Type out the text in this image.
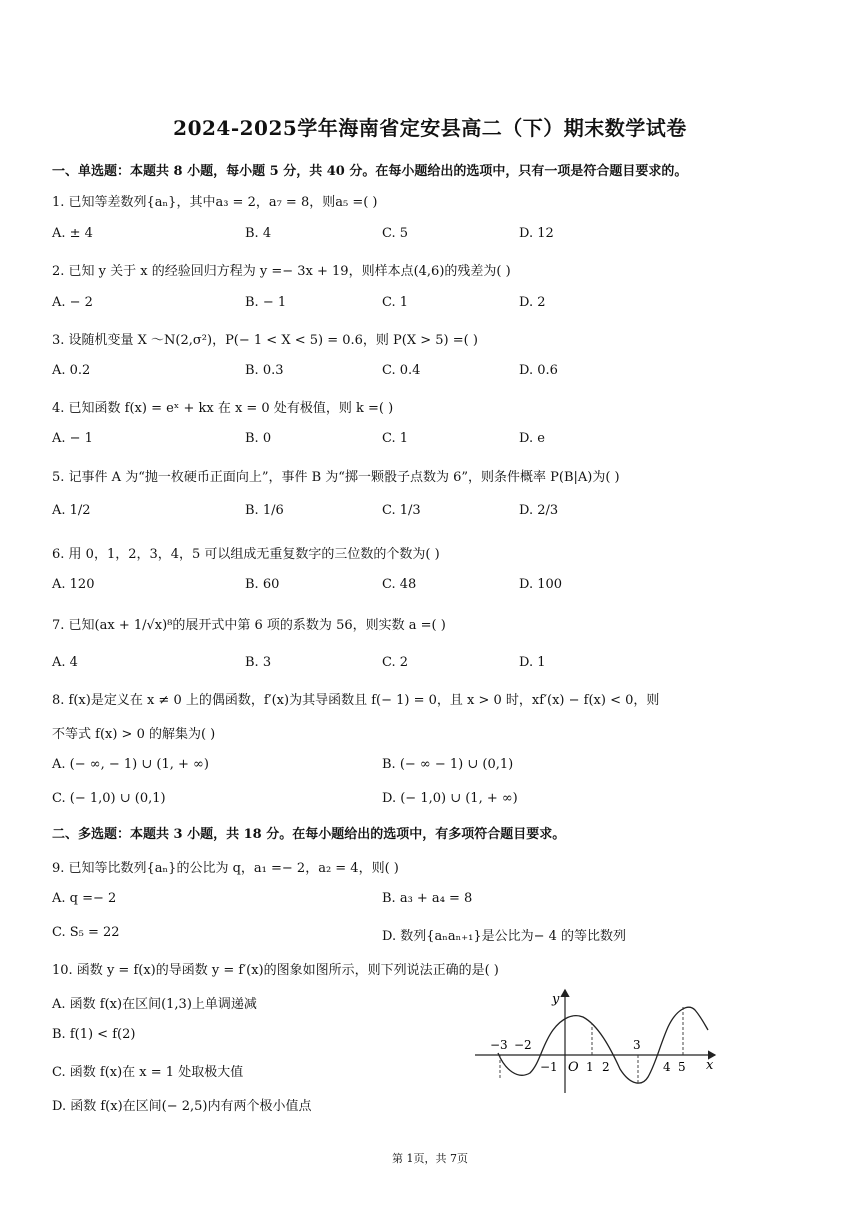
2024-2025学年海南省定安县高二（下）期末数学试卷
一、单选题：本题共 8 小题，每小题 5 分，共 40 分。在每小题给出的选项中，只有一项是符合题目要求的。
1. 已知等差数列{aₙ}，其中a₃ = 2，a₇ = 8，则a₅ =( )
A. ± 4	B. 4	C. 5	D. 12
2. 已知 y 关于 x 的经验回归方程为 y =− 3x + 19，则样本点(4,6)的残差为( )
A. − 2	B. − 1	C. 1	D. 2
3. 设随机变量 X ～N(2,σ²)，P(− 1 < X < 5) = 0.6，则 P(X > 5) =( )
A. 0.2	B. 0.3	C. 0.4	D. 0.6
4. 已知函数 f(x) = eˣ + kx 在 x = 0 处有极值，则 k =( )
A. − 1	B. 0	C. 1	D. e
5. 记事件 A 为“抛一枚硬币正面向上”，事件 B 为“掷一颗骰子点数为 6”，则条件概率 P(B|A)为( )
A. 1/2	B. 1/6	C. 1/3	D. 2/3
6. 用 0，1，2，3，4，5 可以组成无重复数字的三位数的个数为( )
A. 120	B. 60	C. 48	D. 100
7. 已知(ax + 1/√x)⁸的展开式中第 6 项的系数为 56，则实数 a =( )
A. 4	B. 3	C. 2	D. 1
8. f(x)是定义在 x ≠ 0 上的偶函数，f′(x)为其导函数且 f(− 1) = 0，且 x > 0 时，xf′(x) − f(x) < 0，则
不等式 f(x) > 0 的解集为( )
A. (− ∞, − 1) ∪ (1, + ∞)	B. (− ∞ − 1) ∪ (0,1)
C. (− 1,0) ∪ (0,1)	D. (− 1,0) ∪ (1, + ∞)
二、多选题：本题共 3 小题，共 18 分。在每小题给出的选项中，有多项符合题目要求。
9. 已知等比数列{aₙ}的公比为 q，a₁ =− 2，a₂ = 4，则( )
A. q =− 2	B. a₃ + a₄ = 8
C. S₅ = 22	D. 数列{aₙaₙ₊₁}是公比为− 4 的等比数列
10. 函数 y = f(x)的导函数 y = f′(x)的图象如图所示，则下列说法正确的是( )
A. 函数 f(x)在区间(1,3)上单调递减
B. f(1) < f(2)
C. 函数 f(x)在 x = 1 处取极大值
D. 函数 f(x)在区间(− 2,5)内有两个极小值点
y
x
O
−3 −2
−1 1 2
3
4 5
第 1页，共 7页
